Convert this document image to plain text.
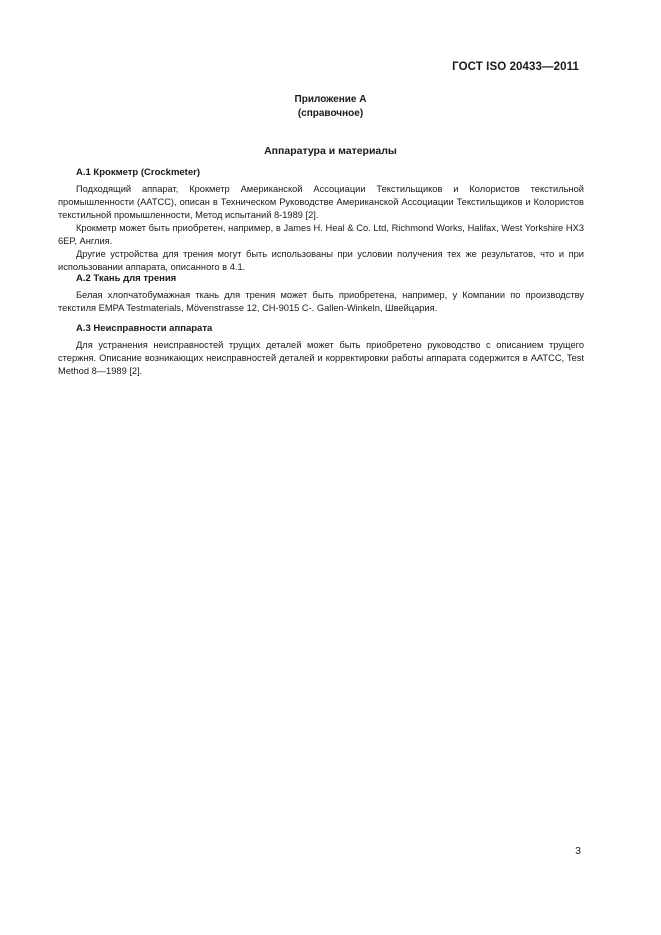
ГОСТ ISO 20433—2011
Приложение А
(справочное)
Аппаратура и материалы
А.1 Крокметр (Crockmeter)

Подходящий аппарат, Крокметр Американской Ассоциации Текстильщиков и Колористов текстильной промышленности (AATCC), описан в Техническом Руководстве Американской Ассоциации Текстильщиков и Колористов текстильной промышленности, Метод испытаний 8-1989 [2].

Крокметр может быть приобретен, например, в James H. Heal & Co. Ltd, Richmond Works, Halifax, West Yorkshire HX3 6EP, Англия.

Другие устройства для трения могут быть использованы при условии получения тех же результатов, что и при использовании аппарата, описанного в 4.1.

А.2 Ткань для трения

Белая хлопчатобумажная ткань для трения может быть приобретена, например, у Компании по производству текстиля EMPA Testmaterials, Mövenstrasse 12, CH-9015 C-. Gallen-Winkeln, Швейцария.

А.3 Неисправности аппарата

Для устранения неисправностей трущих деталей может быть приобретено руководство с описанием трущего стержня. Описание возникающих неисправностей деталей и корректировки работы аппарата содержится в AATCC, Test Method 8—1989 [2].

3
